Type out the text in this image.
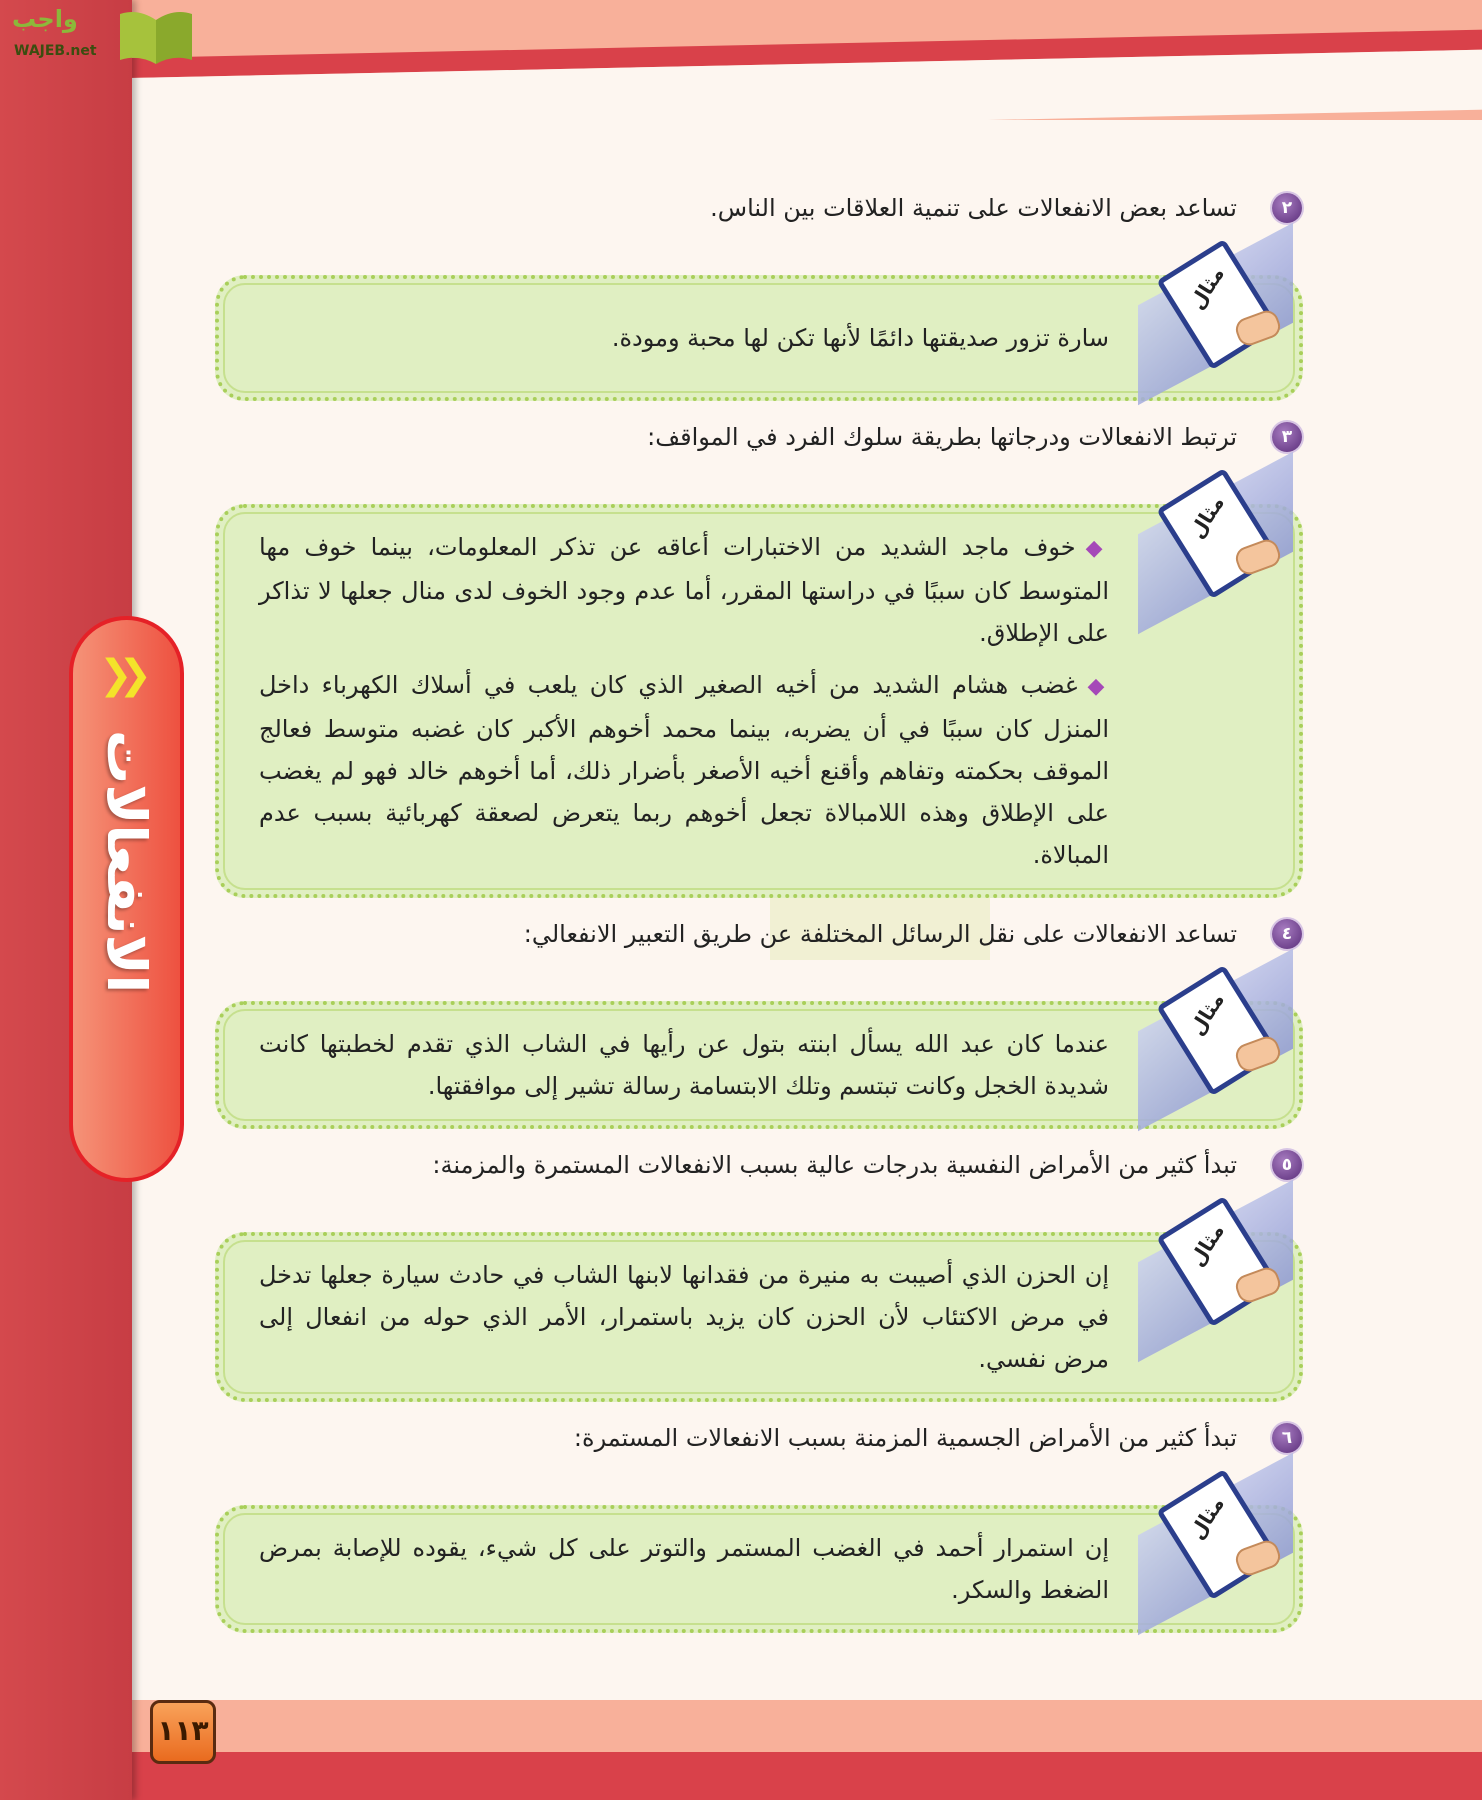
واجب
WAJEB.net
❯❯
الانفعالات
٢
تساعد بعض الانفعالات على تنمية العلاقات بين الناس.
مثال
سارة تزور صديقتها دائمًا لأنها تكن لها محبة ومودة.
٣
ترتبط الانفعالات ودرجاتها بطريقة سلوك الفرد في المواقف:
مثال
◆خوف ماجد الشديد من الاختبارات أعاقه عن تذكر المعلومات، بينما خوف مها المتوسط كان سببًا في دراستها المقرر، أما عدم وجود الخوف لدى منال جعلها لا تذاكر على الإطلاق.
◆غضب هشام الشديد من أخيه الصغير الذي كان يلعب في أسلاك الكهرباء داخل المنزل كان سببًا في أن يضربه، بينما محمد أخوهم الأكبر كان غضبه متوسط فعالج الموقف بحكمته وتفاهم وأقنع أخيه الأصغر بأضرار ذلك، أما أخوهم خالد فهو لم يغضب على الإطلاق وهذه اللامبالاة تجعل أخوهم ربما يتعرض لصعقة كهربائية بسبب عدم المبالاة.
٤
تساعد الانفعالات على نقل الرسائل المختلفة عن طريق التعبير الانفعالي:
مثال
عندما كان عبد الله يسأل ابنته بتول عن رأيها في الشاب الذي تقدم لخطبتها كانت شديدة الخجل وكانت تبتسم وتلك الابتسامة رسالة تشير إلى موافقتها.
٥
تبدأ كثير من الأمراض النفسية بدرجات عالية بسبب الانفعالات المستمرة والمزمنة:
مثال
إن الحزن الذي أصيبت به منيرة من فقدانها لابنها الشاب في حادث سيارة جعلها تدخل في مرض الاكتئاب لأن الحزن كان يزيد باستمرار، الأمر الذي حوله من انفعال إلى مرض نفسي.
٦
تبدأ كثير من الأمراض الجسمية المزمنة بسبب الانفعالات المستمرة:
مثال
إن استمرار أحمد في الغضب المستمر والتوتر على كل شيء، يقوده للإصابة بمرض الضغط والسكر.
١١٣
